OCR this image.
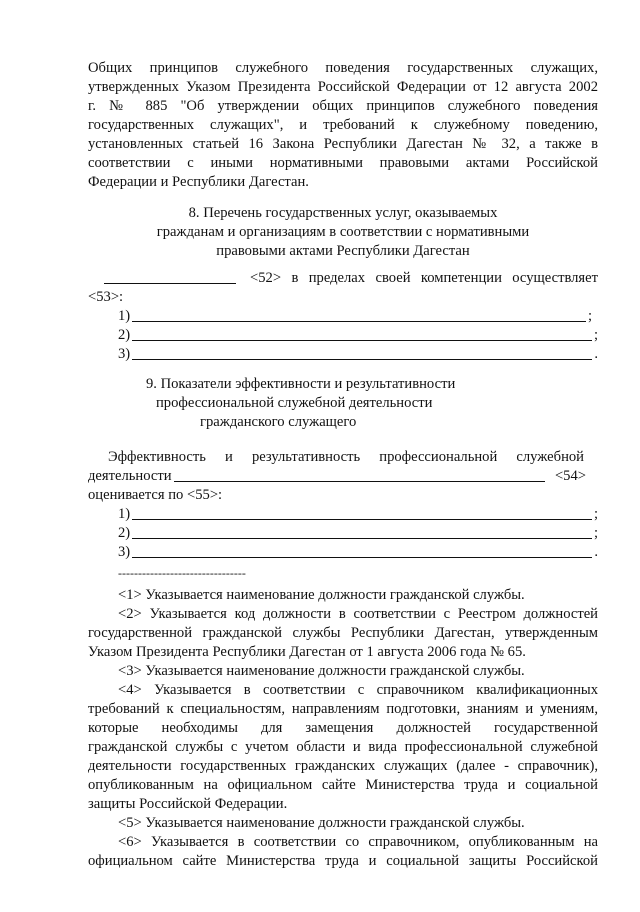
Общих принципов служебного поведения государственных служащих,
утвержденных Указом Президента Российской Федерации от 12 августа 2002
г. № 885 "Об утверждении общих принципов служебного поведения
государственных служащих", и требований к служебному поведению,
установленных статьей 16 Закона Республики Дагестан № 32, а также в
соответствии с иными нормативными правовыми актами Российской
Федерации и Республики Дагестан.
8. Перечень государственных услуг, оказываемых
гражданам и организациям в соответствии с нормативными
правовыми актами Республики Дагестан
<52> в пределах своей компетенции осуществляет
<53>:
1)	;
2)	;
3)	.
9. Показатели эффективности и результативности
профессиональной служебной деятельности
гражданского служащего
Эффективность и результативность профессиональной служебной
деятельности	<54>
оценивается по <55>:
1)	;
2)	;
3)	.
--------------------------------
<1> Указывается наименование должности гражданской службы.
<2> Указывается код должности в соответствии с Реестром должностей
государственной гражданской службы Республики Дагестан, утвержденным
Указом Президента Республики Дагестан от 1 августа 2006 года № 65.
<3> Указывается наименование должности гражданской службы.
<4> Указывается в соответствии с справочником квалификационных
требований к специальностям, направлениям подготовки, знаниям и умениям,
которые необходимы для замещения должностей государственной
гражданской службы с учетом области и вида профессиональной служебной
деятельности государственных гражданских служащих (далее - справочник),
опубликованным на официальном сайте Министерства труда и социальной
защиты Российской Федерации.
<5> Указывается наименование должности гражданской службы.
<6> Указывается в соответствии со справочником, опубликованным на
официальном сайте Министерства труда и социальной защиты Российской
